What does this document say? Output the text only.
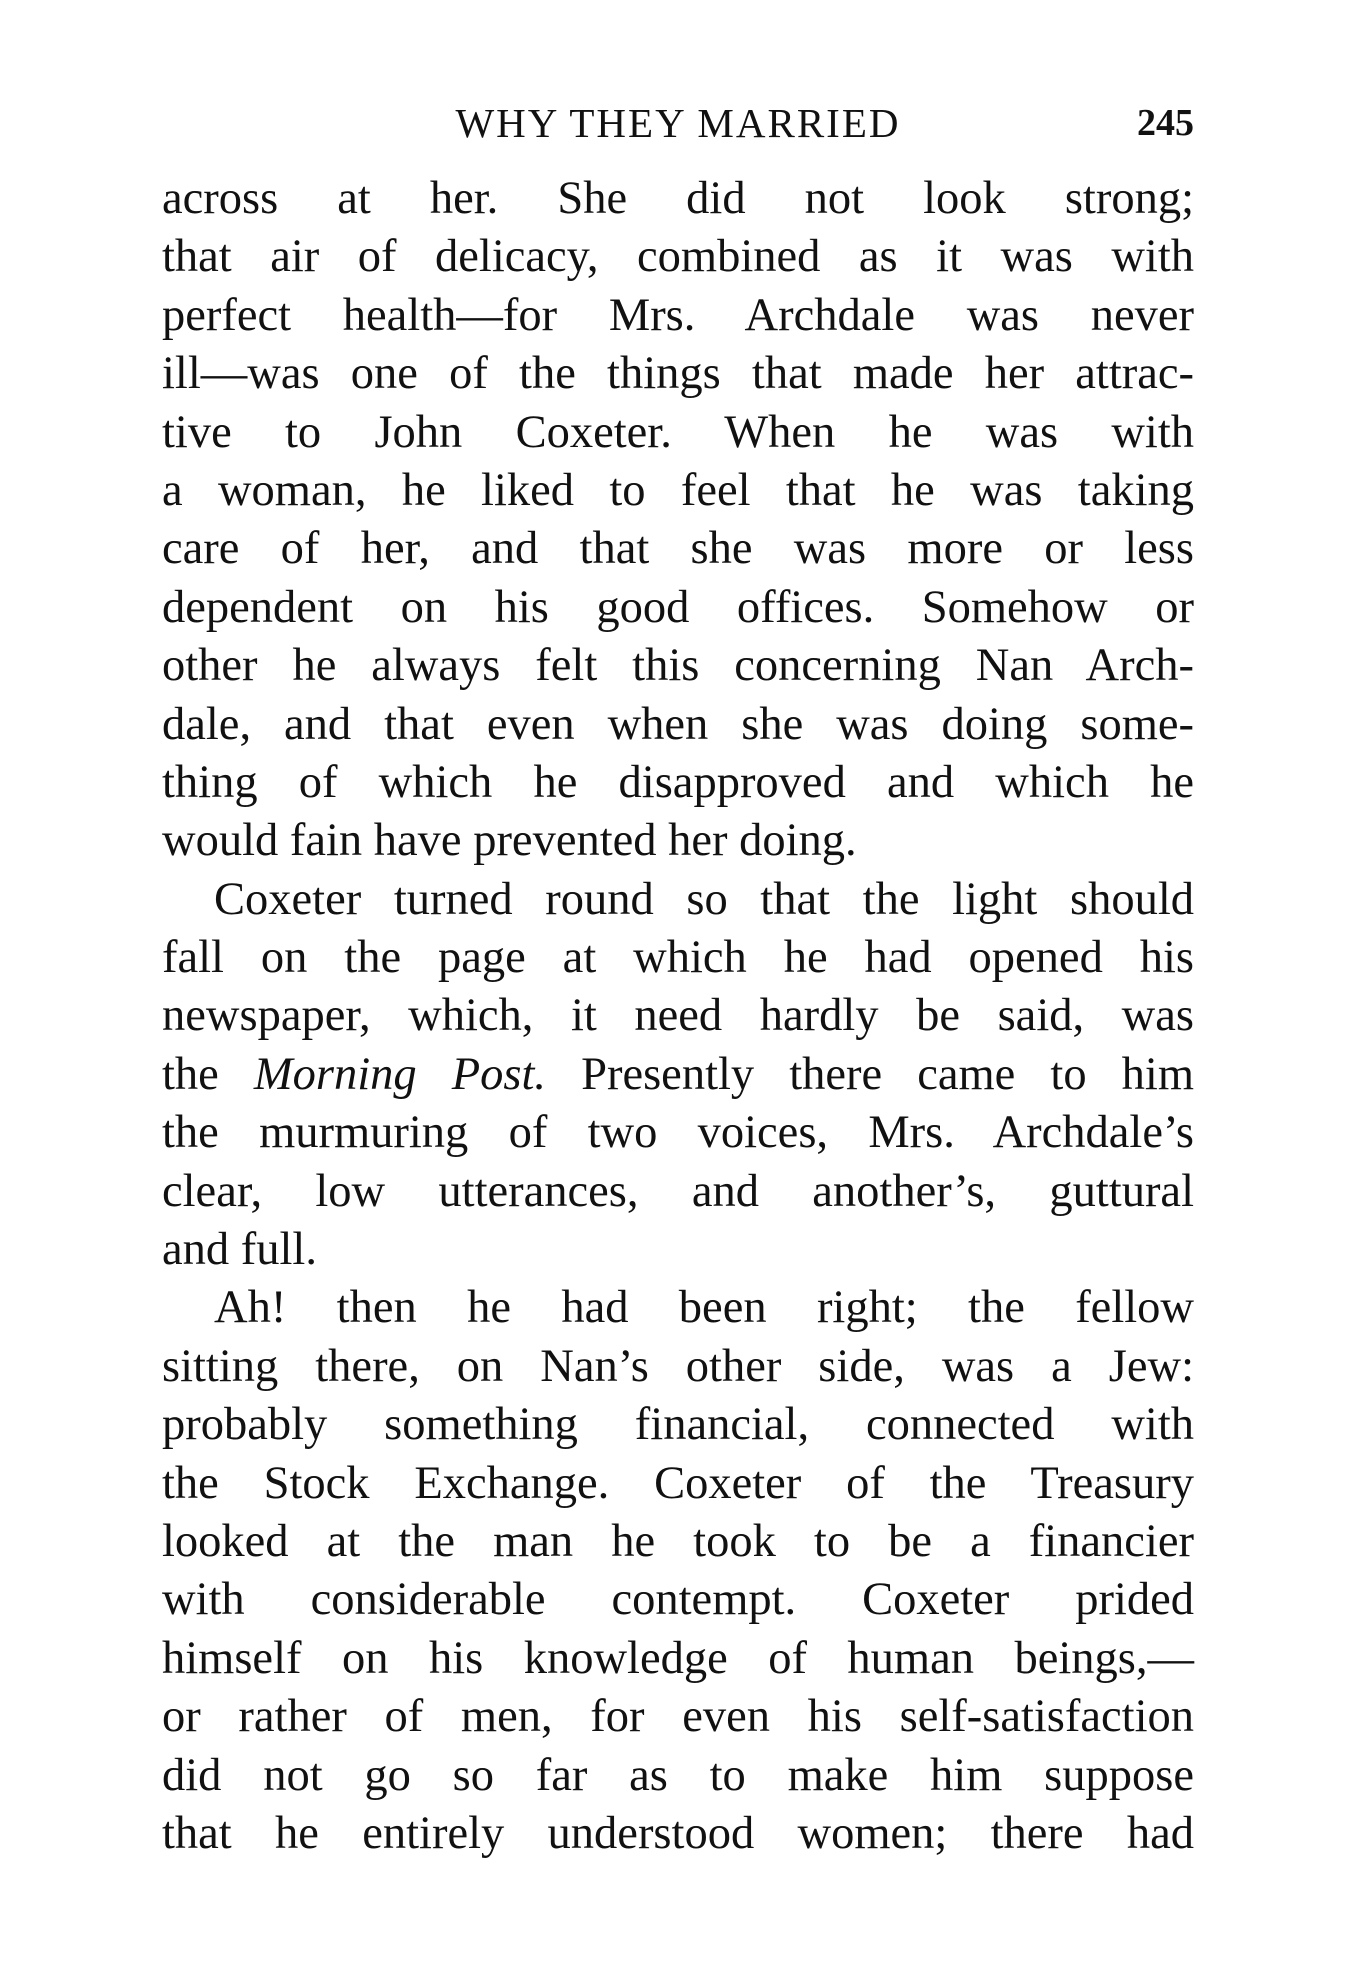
WHY THEY MARRIED	245
across at her. She did not look strong;
that air of delicacy, combined as it was with
perfect health—for Mrs. Archdale was never
ill—was one of the things that made her attrac-
tive to John Coxeter. When he was with
a woman, he liked to feel that he was taking
care of her, and that she was more or less
dependent on his good offices. Somehow or
other he always felt this concerning Nan Arch-
dale, and that even when she was doing some-
thing of which he disapproved and which he
would fain have prevented her doing.
Coxeter turned round so that the light should
fall on the page at which he had opened his
newspaper, which, it need hardly be said, was
the Morning Post. Presently there came to him
the murmuring of two voices, Mrs. Archdale’s
clear, low utterances, and another’s, guttural
and full.
Ah! then he had been right; the fellow
sitting there, on Nan’s other side, was a Jew:
probably something financial, connected with
the Stock Exchange. Coxeter of the Treasury
looked at the man he took to be a financier
with considerable contempt. Coxeter prided
himself on his knowledge of human beings,—
or rather of men, for even his self-satisfaction
did not go so far as to make him suppose
that he entirely understood women; there had
